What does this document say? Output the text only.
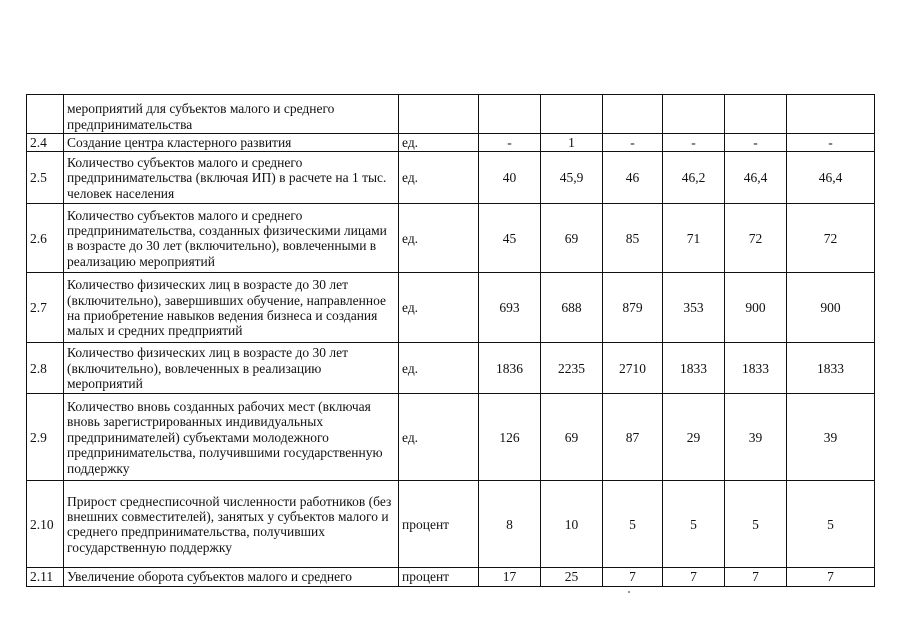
	мероприятий для субъектов малого и среднего предпринимательства							
2.4	Создание центра кластерного развития	ед.	-	1	-	-	-	-
2.5	Количество субъектов малого и среднего предпринимательства (включая ИП) в расчете на 1 тыс. человек населения	ед.	40	45,9	46	46,2	46,4	46,4
2.6	Количество субъектов малого и среднего предпринимательства, созданных физическими лицами в возрасте до 30 лет (включительно), вовлеченными в реализацию мероприятий	ед.	45	69	85	71	72	72
2.7	Количество физических лиц в возрасте до 30 лет (включительно), завершивших обучение, направленное на приобретение навыков ведения бизнеса и создания малых и средних предприятий	ед.	693	688	879	353	900	900
2.8	Количество физических лиц в возрасте до 30 лет (включительно), вовлеченных в реализацию мероприятий	ед.	1836	2235	2710	1833	1833	1833
2.9	Количество вновь созданных рабочих мест (включая вновь зарегистрированных индивидуальных предпринимателей) субъектами молодежного предпринимательства, получившими государственную поддержку	ед.	126	69	87	29	39	39
2.10	Прирост среднесписочной численности работников (без внешних совместителей), занятых у субъектов малого и среднего предпринимательства, получивших государственную поддержку	процент	8	10	5	5	5	5
2.11	Увеличение оборота субъектов малого и среднего	процент	17	25	7	7	7	7
